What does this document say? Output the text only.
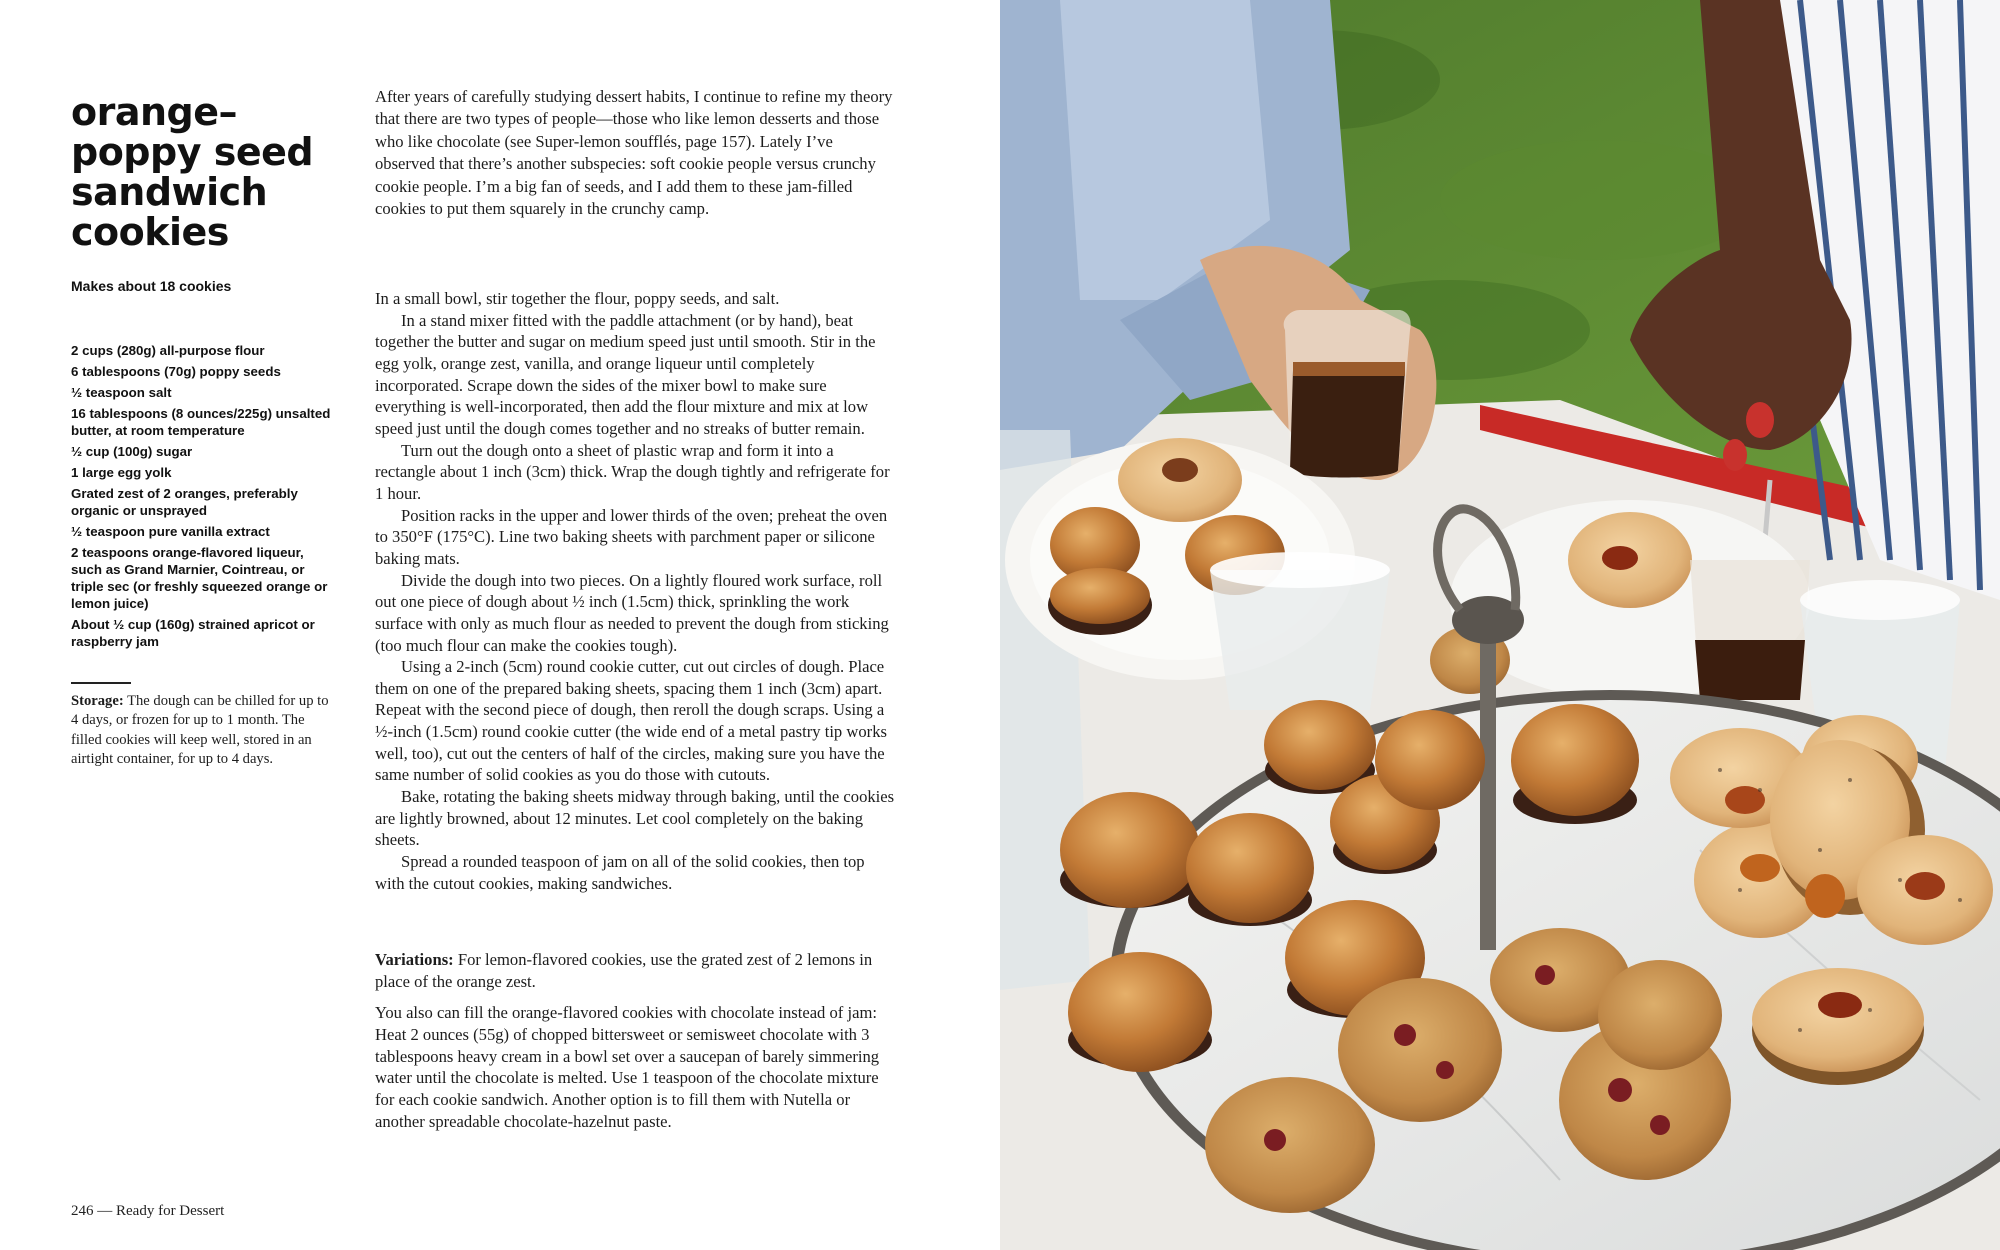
orange–
poppy seed
sandwich
cookies
Makes about 18 cookies
2 cups (280g) all-purpose flour
6 tablespoons (70g) poppy seeds
½ teaspoon salt
16 tablespoons (8 ounces/225g) unsalted butter, at room temperature
½ cup (100g) sugar
1 large egg yolk
Grated zest of 2 oranges, preferably organic or unsprayed
½ teaspoon pure vanilla extract
2 teaspoons orange-flavored liqueur, such as Grand Marnier, Cointreau, or triple sec (or freshly squeezed orange or lemon juice)
About ½ cup (160g) strained apricot or raspberry jam

Storage: The dough can be chilled for up to 4 days, or frozen for up to 1 month. The filled cookies will keep well, stored in an airtight container, for up to 4 days.

After years of carefully studying dessert habits, I continue to refine my theory that there are two types of people—those who like lemon desserts and those who like chocolate (see Super-lemon soufflés, page 157). Lately I’ve observed that there’s another subspecies: soft cookie people versus crunchy cookie people. I’m a big fan of seeds, and I add them to these jam-filled cookies to put them squarely in the crunchy camp.

In a small bowl, stir together the flour, poppy seeds, and salt.

In a stand mixer fitted with the paddle attachment (or by hand), beat together the butter and sugar on medium speed just until smooth. Stir in the egg yolk, orange zest, vanilla, and orange liqueur until completely incorporated. Scrape down the sides of the mixer bowl to make sure everything is well-incorporated, then add the flour mixture and mix at low speed just until the dough comes together and no streaks of butter remain.

Turn out the dough onto a sheet of plastic wrap and form it into a rectangle about 1 inch (3cm) thick. Wrap the dough tightly and refrigerate for 1 hour.

Position racks in the upper and lower thirds of the oven; preheat the oven to 350°F (175°C). Line two baking sheets with parchment paper or silicone baking mats.

Divide the dough into two pieces. On a lightly floured work surface, roll out one piece of dough about ½ inch (1.5cm) thick, sprinkling the work surface with only as much flour as needed to prevent the dough from sticking (too much flour can make the cookies tough).

Using a 2-inch (5cm) round cookie cutter, cut out circles of dough. Place them on one of the prepared baking sheets, spacing them 1 inch (3cm) apart. Repeat with the second piece of dough, then reroll the dough scraps. Using a ½-inch (1.5cm) round cookie cutter (the wide end of a metal pastry tip works well, too), cut out the centers of half of the circles, making sure you have the same number of solid cookies as you do those with cutouts.

Bake, rotating the baking sheets midway through baking, until the cookies are lightly browned, about 12 minutes. Let cool completely on the baking sheets.

Spread a rounded teaspoon of jam on all of the solid cookies, then top with the cutout cookies, making sandwiches.

Variations: For lemon-flavored cookies, use the grated zest of 2 lemons in place of the orange zest.

You also can fill the orange-flavored cookies with chocolate instead of jam: Heat 2 ounces (55g) of chopped bittersweet or semisweet chocolate with 3 tablespoons heavy cream in a bowl set over a saucepan of barely simmering water until the chocolate is melted. Use 1 teaspoon of the chocolate mixture for each cookie sandwich. Another option is to fill them with Nutella or another spreadable chocolate-hazelnut paste.

246 — Ready for Dessert
